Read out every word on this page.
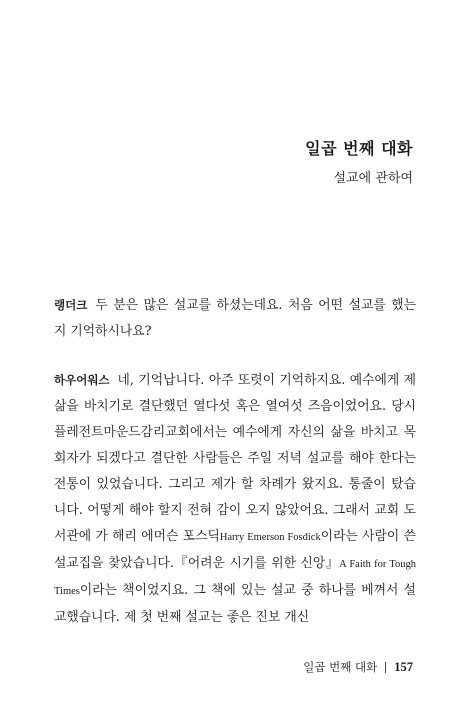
일곱 번째 대화
설교에 관하여

랭더크 두 분은 많은 설교를 하셨는데요. 처음 어떤 설교를 했는지 기억하시나요?

하우어워스 네, 기억납니다. 아주 또렷이 기억하지요. 예수에게 제 삶을 바치기로 결단했던 열다섯 혹은 열여섯 즈음이었어요. 당시 플레전트마운드감리교회에서는 예수에게 자신의 삶을 바치고 목회자가 되겠다고 결단한 사람들은 주일 저녁 설교를 해야 한다는 전통이 있었습니다. 그리고 제가 할 차례가 왔지요. 통줄이 탔습니다. 어떻게 해야 할지 전혀 감이 오지 않았어요. 그래서 교회 도서관에 가 해리 에머슨 포스딕Harry Emerson Fosdick이라는 사람이 쓴 설교집을 찾았습니다.『어려운 시기를 위한 신앙』A Faith for Tough Times이라는 책이었지요. 그 책에 있는 설교 중 하나를 베껴서 설교했습니다. 제 첫 번째 설교는 좋은 진보 개신

일곱 번째 대화 157
